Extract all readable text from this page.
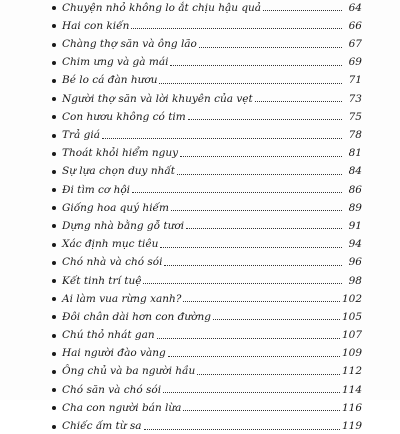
Chuyện nhỏ không lo ắt chịu hậu quả	64
Hai con kiến	66
Chàng thợ săn và ông lão	67
Chim ưng và gà mái	69
Bé lo cá đàn hươu	71
Người thợ săn và lời khuyên của vẹt	73
Con hươu không có tim	75
Trả giá	78
Thoát khỏi hiểm nguy	81
Sự lựa chọn duy nhất	84
Đi tìm cơ hội	86
Giống hoa quý hiếm	89
Dựng nhà bằng gỗ tươi	91
Xác định mục tiêu	94
Chó nhà và chó sói	96
Kết tinh trí tuệ	98
Ai làm vua rừng xanh?	102
Đôi chân dài hơn con đường	105
Chú thỏ nhát gan	107
Hai người đào vàng	109
Ông chủ và ba người hầu	112
Chó săn và chó sói	114
Cha con người bán lừa	116
Chiếc ấm từ sa	119
